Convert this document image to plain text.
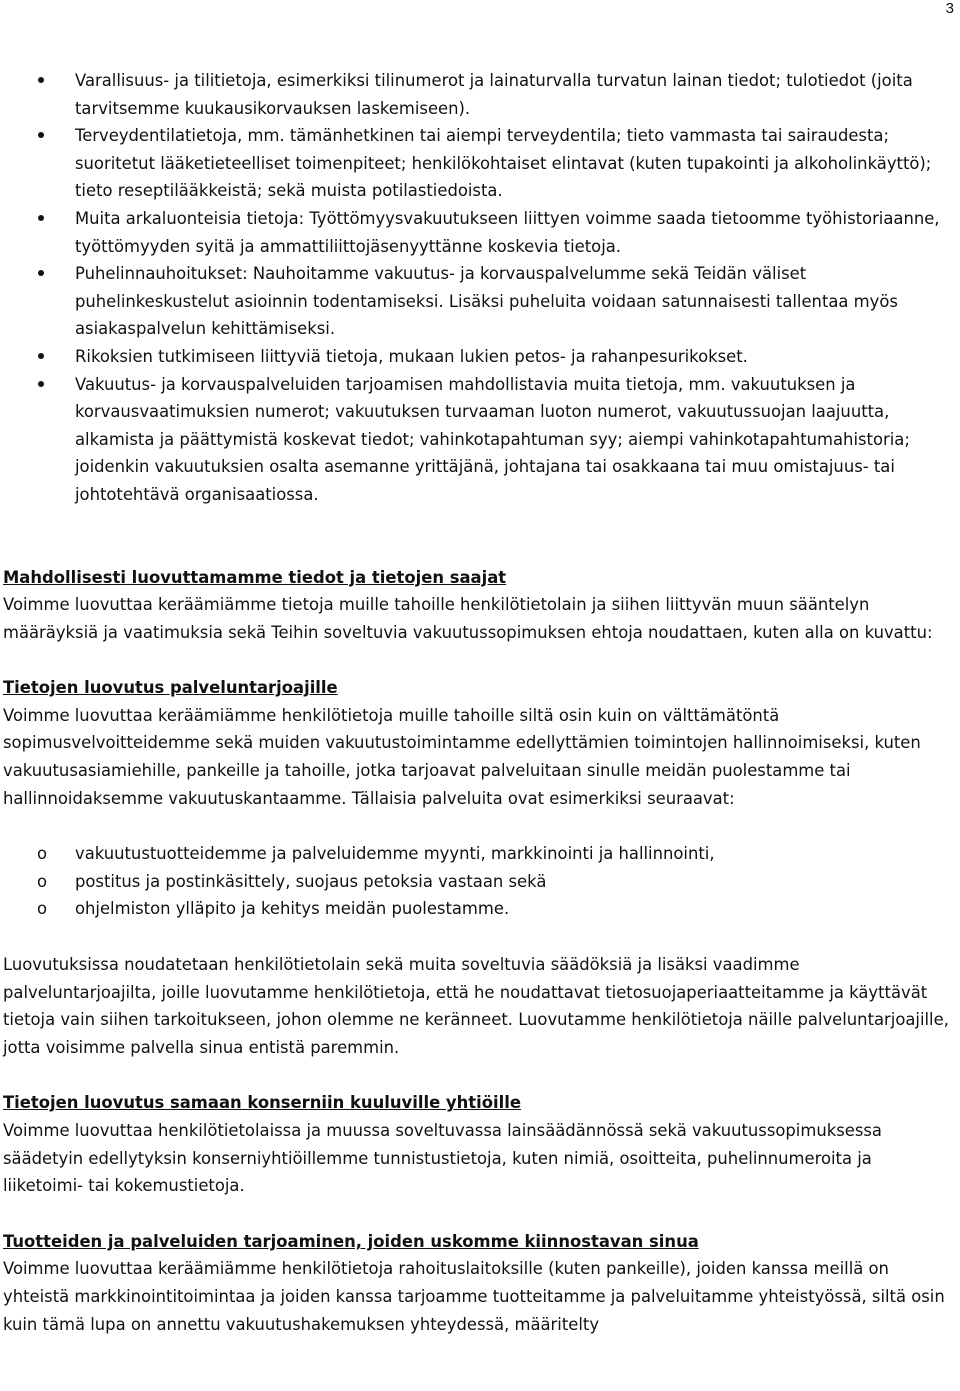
3
Varallisuus- ja tilitietoja, esimerkiksi tilinumerot ja lainaturvalla turvatun lainan tiedot; tulotiedot (joita tarvitsemme kuukausikorvauksen laskemiseen).
Terveydentilatietoja, mm. tämänhetkinen tai aiempi terveydentila; tieto vammasta tai sairaudesta; suoritetut lääketieteelliset toimenpiteet; henkilökohtaiset elintavat (kuten tupakointi ja alkoholinkäyttö); tieto reseptilääkkeistä; sekä muista potilastiedoista.
Muita arkaluonteisia tietoja: Työttömyysvakuutukseen liittyen voimme saada tietoomme työhistoriaanne, työttömyyden syitä ja ammattiliittojäsenyyttänne koskevia tietoja.
Puhelinnauhoitukset: Nauhoitamme vakuutus- ja korvauspalvelumme sekä Teidän väliset puhelinkeskustelut asioinnin todentamiseksi. Lisäksi puheluita voidaan satunnaisesti tallentaa myös asiakaspalvelun kehittämiseksi.
Rikoksien tutkimiseen liittyviä tietoja, mukaan lukien petos- ja rahanpesurikokset.
Vakuutus- ja korvauspalveluiden tarjoamisen mahdollistavia muita tietoja, mm. vakuutuksen ja korvausvaatimuksien numerot; vakuutuksen turvaaman luoton numerot, vakuutussuojan laajuutta, alkamista ja päättymistä koskevat tiedot; vahinkotapahtuman syy; aiempi vahinkotapahtumahistoria; joidenkin vakuutuksien osalta asemanne yrittäjänä, johtajana tai osakkaana tai muu omistajuus- tai johtotehtävä organisaatiossa.

Mahdollisesti luovuttamamme tiedot ja tietojen saajat

Voimme luovuttaa keräämiämme tietoja muille tahoille henkilötietolain ja siihen liittyvän muun sääntelyn määräyksiä ja vaatimuksia sekä Teihin soveltuvia vakuutussopimuksen ehtoja noudattaen, kuten alla on kuvattu:

Tietojen luovutus palveluntarjoajille

Voimme luovuttaa keräämiämme henkilötietoja muille tahoille siltä osin kuin on välttämätöntä sopimusvelvoitteidemme sekä muiden vakuutustoimintamme edellyttämien toimintojen hallinnoimiseksi, kuten vakuutusasiamiehille, pankeille ja tahoille, jotka tarjoavat palveluitaan sinulle meidän puolestamme tai hallinnoidaksemme vakuutuskantaamme. Tällaisia palveluita ovat esimerkiksi seuraavat:

o vakuutustuotteidemme ja palveluidemme myynti, markkinointi ja hallinnointi,
o postitus ja postinkäsittely, suojaus petoksia vastaan sekä
o ohjelmiston ylläpito ja kehitys meidän puolestamme.

Luovutuksissa noudatetaan henkilötietolain sekä muita soveltuvia säädöksiä ja lisäksi vaadimme palveluntarjoajilta, joille luovutamme henkilötietoja, että he noudattavat tietosuojaperiaatteitamme ja käyttävät tietoja vain siihen tarkoitukseen, johon olemme ne keränneet. Luovutamme henkilötietoja näille palveluntarjoajille, jotta voisimme palvella sinua entistä paremmin.

Tietojen luovutus samaan konserniin kuuluville yhtiöille

Voimme luovuttaa henkilötietolaissa ja muussa soveltuvassa lainsäädännössä sekä vakuutussopimuksessa säädetyin edellytyksin konserniyhtiöillemme tunnistustietoja, kuten nimiä, osoitteita, puhelinnumeroita ja liiketoimi- tai kokemustietoja.

Tuotteiden ja palveluiden tarjoaminen, joiden uskomme kiinnostavan sinua

Voimme luovuttaa keräämiämme henkilötietoja rahoituslaitoksille (kuten pankeille), joiden kanssa meillä on yhteistä markkinointitoimintaa ja joiden kanssa tarjoamme tuotteitamme ja palveluitamme yhteistyössä, siltä osin kuin tämä lupa on annettu vakuutushakemuksen yhteydessä, määritelty
